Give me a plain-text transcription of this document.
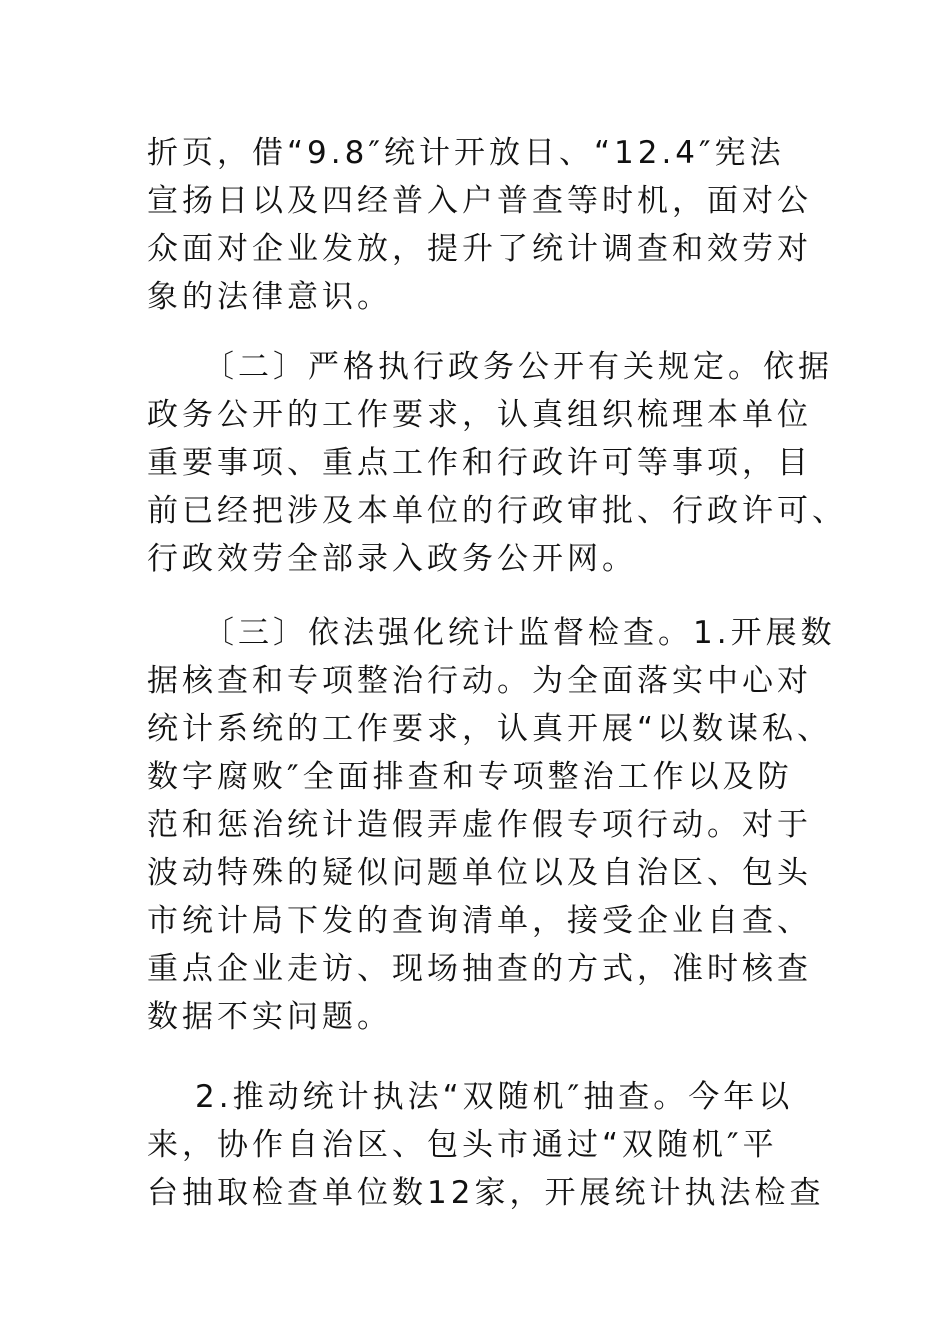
折页，借“9.8″统计开放日、“12.4″宪法
宣扬日以及四经普入户普查等时机，面对公
众面对企业发放，提升了统计调查和效劳对
象的法律意识。
〔二〕严格执行政务公开有关规定。依据
政务公开的工作要求，认真组织梳理本单位
重要事项、重点工作和行政许可等事项，目
前已经把涉及本单位的行政审批、行政许可、
行政效劳全部录入政务公开网。
〔三〕依法强化统计监督检查。1.开展数
据核查和专项整治行动。为全面落实中心对
统计系统的工作要求，认真开展“以数谋私、
数字腐败″全面排查和专项整治工作以及防
范和惩治统计造假弄虚作假专项行动。对于
波动特殊的疑似问题单位以及自治区、包头
市统计局下发的查询清单，接受企业自查、
重点企业走访、现场抽查的方式，准时核查
数据不实问题。
2.推动统计执法“双随机″抽查。今年以
来，协作自治区、包头市通过“双随机″平
台抽取检查单位数12家，开展统计执法检查
